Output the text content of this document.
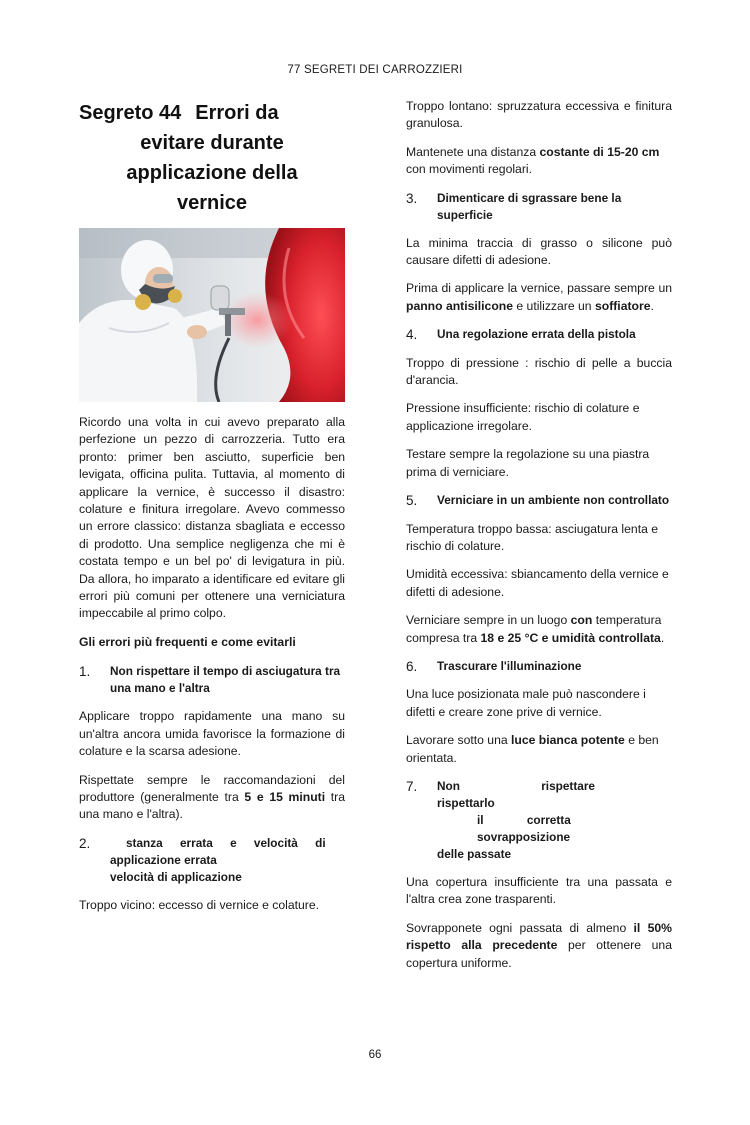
77 SEGRETI DEI CARROZZIERI
Segreto 44 Errori da
evitare durante
applicazione della
vernice

Ricordo una volta in cui avevo preparato alla perfezione un pezzo di carrozzeria. Tutto era pronto: primer ben asciutto, superficie ben levigata, officina pulita. Tuttavia, al momento di applicare la vernice, è successo il disastro: colature e finitura irregolare. Avevo commesso un errore classico: distanza sbagliata e eccesso di prodotto. Una semplice negligenza che mi è costata tempo e un bel po' di levigatura in più. Da allora, ho imparato a identificare ed evitare gli errori più comuni per ottenere una verniciatura impeccabile al primo colpo.

Gli errori più frequenti e come evitarli
1.	Non rispettare il tempo di asciugatura tra una mano e l'altra

Applicare troppo rapidamente una mano su un'altra ancora umida favorisce la formazione di colature e la scarsa adesione.

Rispettate sempre le raccomandazioni del produttore (generalmente tra 5 e 15 minuti tra una mano e l'altra).

2.	stanza errata e velocità di
applicazione errata
velocità di applicazione

Troppo vicino: eccesso di vernice e colature.

Troppo lontano: spruzzatura eccessiva e finitura granulosa.

Mantenete una distanza costante di 15-20 cm con movimenti regolari.

3.	Dimenticare di sgrassare bene la superficie

La minima traccia di grasso o silicone può causare difetti di adesione.

Prima di applicare la vernice, passare sempre un panno antisilicone e utilizzare un soffiatore.

4.	Una regolazione errata della pistola

Troppo di pressione : rischio di pelle a buccia d'arancia.

Pressione insufficiente: rischio di colature e applicazione irregolare.

Testare sempre la regolazione su una piastra prima di verniciare.

5.	Verniciare in un ambiente non controllato

Temperatura troppo bassa: asciugatura lenta e rischio di colature.

Umidità eccessiva: sbiancamento della vernice e difetti di adesione.

Verniciare sempre in un luogo con temperatura compresa tra 18 e 25 °C e umidità controllata.

6.	Trascurare l'illuminazione

Una luce posizionata male può nascondere i difetti e creare zone prive di vernice.

Lavorare sotto una luce bianca potente e ben orientata.

7.	Non rispettare rispettarlo
il corretta sovrapposizione
delle passate

Una copertura insufficiente tra una passata e l'altra crea zone trasparenti.

Sovrapponete ogni passata di almeno il 50% rispetto alla precedente per ottenere una copertura uniforme.

66
